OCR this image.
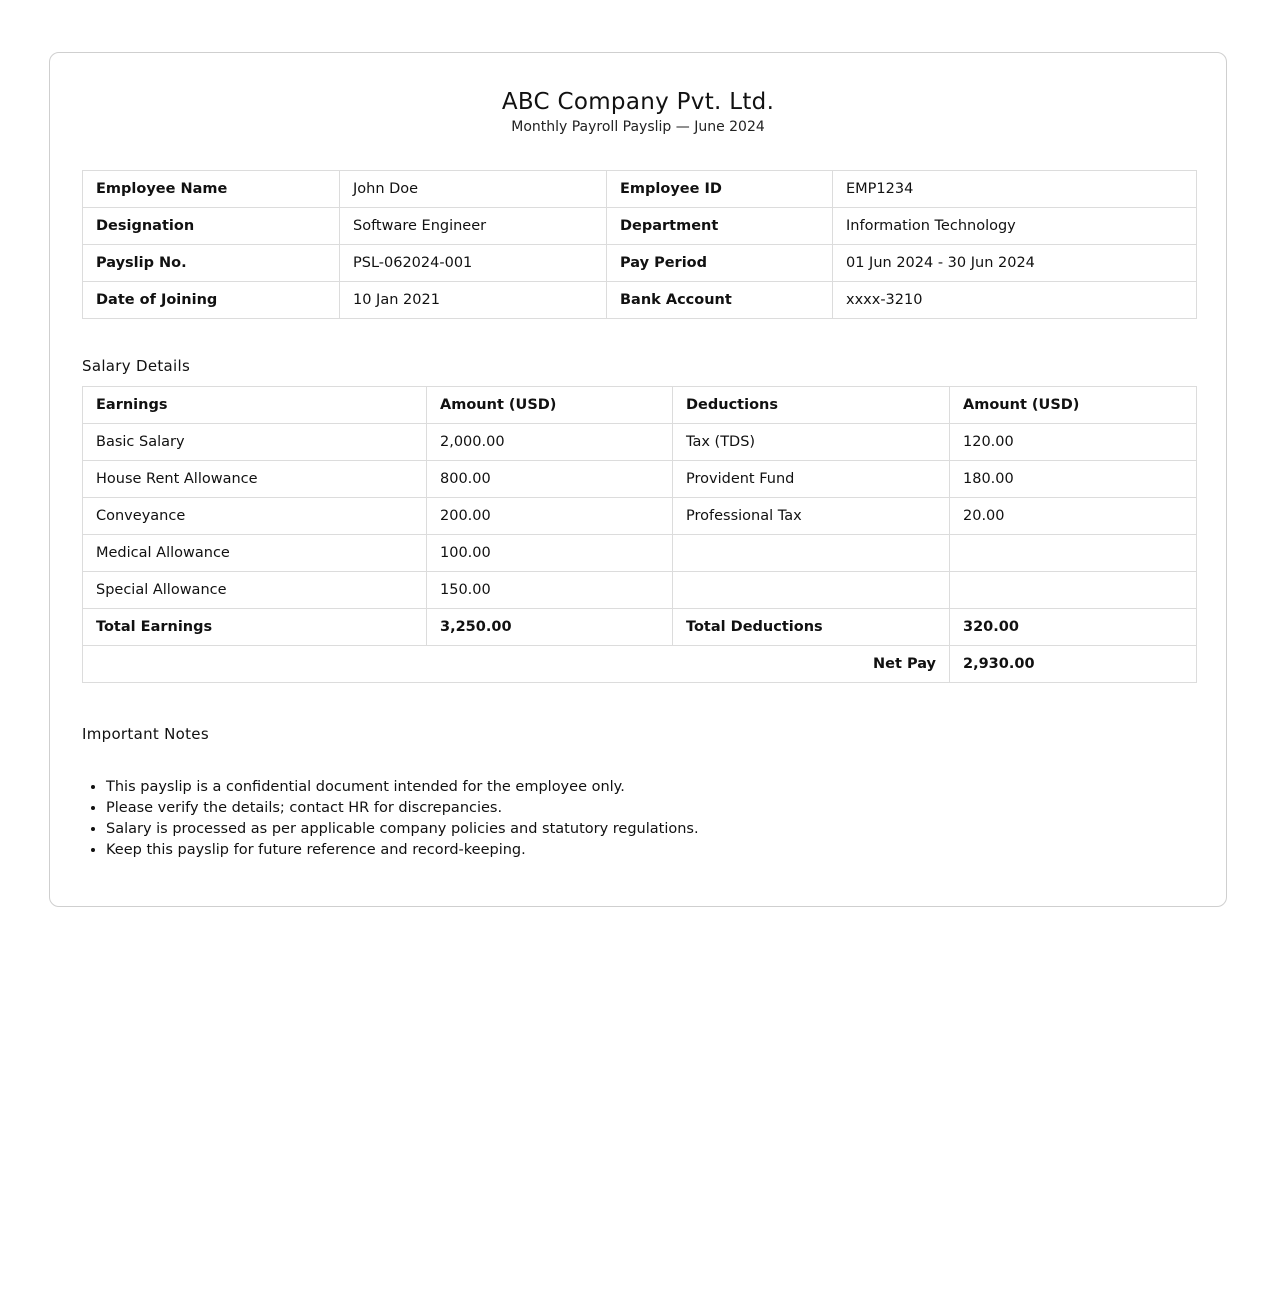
ABC Company Pvt. Ltd.
Monthly Payroll Payslip — June 2024
Employee Name	John Doe	Employee ID	EMP1234
Designation	Software Engineer	Department	Information Technology
Payslip No.	PSL-062024-001	Pay Period	01 Jun 2024 - 30 Jun 2024
Date of Joining	10 Jan 2021	Bank Account	xxxx-3210
Salary Details
Earnings	Amount (USD)	Deductions	Amount (USD)
Basic Salary	2,000.00	Tax (TDS)	120.00
House Rent Allowance	800.00	Provident Fund	180.00
Conveyance	200.00	Professional Tax	20.00
Medical Allowance	100.00		
Special Allowance	150.00		
Total Earnings	3,250.00	Total Deductions	320.00
Net Pay			2,930.00
Important Notes
• This payslip is a confidential document intended for the employee only.
• Please verify the details; contact HR for discrepancies.
• Salary is processed as per applicable company policies and statutory regulations.
• Keep this payslip for future reference and record-keeping.
